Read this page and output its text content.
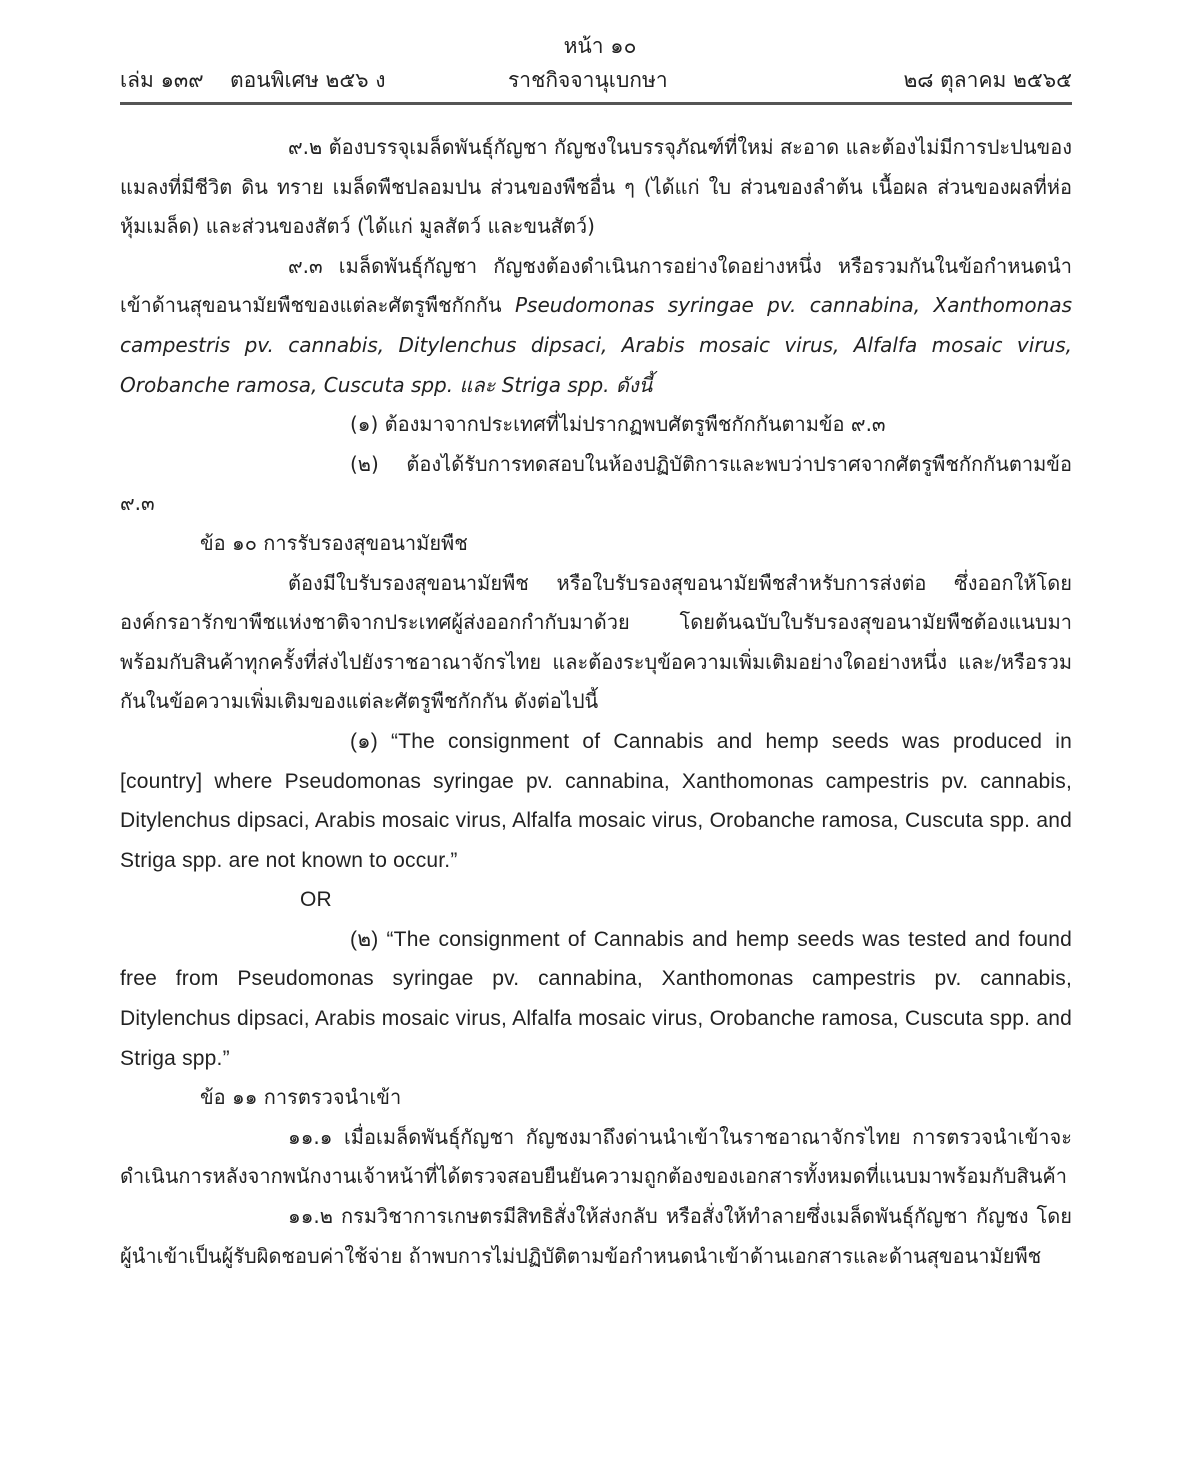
หน้า ๑๐
เล่ม ๑๓๙ ตอนพิเศษ ๒๕๖ ง	ราชกิจจานุเบกษา	๒๘ ตุลาคม ๒๕๖๕

๙.๒ ต้องบรรจุเมล็ดพันธุ์กัญชา กัญชงในบรรจุภัณฑ์ที่ใหม่ สะอาด และต้องไม่มีการปะปนของแมลงที่มีชีวิต ดิน ทราย เมล็ดพืชปลอมปน ส่วนของพืชอื่น ๆ (ได้แก่ ใบ ส่วนของลำต้น เนื้อผล ส่วนของผลที่ห่อหุ้มเมล็ด) และส่วนของสัตว์ (ได้แก่ มูลสัตว์ และขนสัตว์)

๙.๓ เมล็ดพันธุ์กัญชา กัญชงต้องดำเนินการอย่างใดอย่างหนึ่ง หรือรวมกันในข้อกำหนดนำเข้าด้านสุขอนามัยพืชของแต่ละศัตรูพืชกักกัน Pseudomonas syringae pv. cannabina, Xanthomonas campestris pv. cannabis, Ditylenchus dipsaci, Arabis mosaic virus, Alfalfa mosaic virus, Orobanche ramosa, Cuscuta spp. และ Striga spp. ดังนี้

(๑) ต้องมาจากประเทศที่ไม่ปรากฏพบศัตรูพืชกักกันตามข้อ ๙.๓

(๒) ต้องได้รับการทดสอบในห้องปฏิบัติการและพบว่าปราศจากศัตรูพืชกักกันตามข้อ ๙.๓

ข้อ ๑๐ การรับรองสุขอนามัยพืช

ต้องมีใบรับรองสุขอนามัยพืช หรือใบรับรองสุขอนามัยพืชสำหรับการส่งต่อ ซึ่งออกให้โดยองค์กรอารักขาพืชแห่งชาติจากประเทศผู้ส่งออกกำกับมาด้วย โดยต้นฉบับใบรับรองสุขอนามัยพืชต้องแนบมาพร้อมกับสินค้าทุกครั้งที่ส่งไปยังราชอาณาจักรไทย และต้องระบุข้อความเพิ่มเติมอย่างใดอย่างหนึ่ง และ/หรือรวมกันในข้อความเพิ่มเติมของแต่ละศัตรูพืชกักกัน ดังต่อไปนี้

(๑) “The consignment of Cannabis and hemp seeds was produced in [country] where Pseudomonas syringae pv. cannabina, Xanthomonas campestris pv. cannabis, Ditylenchus dipsaci, Arabis mosaic virus, Alfalfa mosaic virus, Orobanche ramosa, Cuscuta spp. and Striga spp. are not known to occur.”

OR

(๒) “The consignment of Cannabis and hemp seeds was tested and found free from Pseudomonas syringae pv. cannabina, Xanthomonas campestris pv. cannabis, Ditylenchus dipsaci, Arabis mosaic virus, Alfalfa mosaic virus, Orobanche ramosa, Cuscuta spp. and Striga spp.”

ข้อ ๑๑ การตรวจนำเข้า

๑๑.๑ เมื่อเมล็ดพันธุ์กัญชา กัญชงมาถึงด่านนำเข้าในราชอาณาจักรไทย การตรวจนำเข้าจะดำเนินการหลังจากพนักงานเจ้าหน้าที่ได้ตรวจสอบยืนยันความถูกต้องของเอกสารทั้งหมดที่แนบมาพร้อมกับสินค้า

๑๑.๒ กรมวิชาการเกษตรมีสิทธิสั่งให้ส่งกลับ หรือสั่งให้ทำลายซึ่งเมล็ดพันธุ์กัญชา กัญชง โดยผู้นำเข้าเป็นผู้รับผิดชอบค่าใช้จ่าย ถ้าพบการไม่ปฏิบัติตามข้อกำหนดนำเข้าด้านเอกสารและด้านสุขอนามัยพืช
